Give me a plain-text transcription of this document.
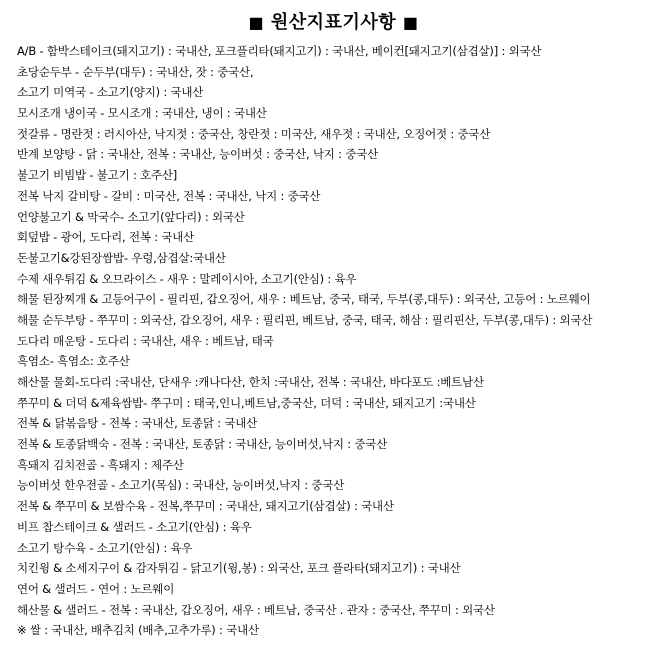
■ 원산지표기사항 ■
A/B - 함박스테이크(돼지고기) : 국내산, 포크플리타(돼지고기) : 국내산, 베이컨[돼지고기(삼겹살)] : 외국산
초당순두부 - 순두부(대두) : 국내산, 잣 : 중국산,
소고기 미역국 - 소고기(양지) : 국내산
모시조개 냉이국 - 모시조개 : 국내산, 냉이 : 국내산
젓갈류 - 명란젓 : 러시아산, 낙지젓 : 중국산, 창란젓 : 미국산, 새우젓 : 국내산, 오징어젓 : 중국산
반계 보양탕 - 닭 : 국내산, 전복 : 국내산, 능이버섯 : 중국산, 낙지 : 중국산
불고기 비빔밥 - 불고기 : 호주산]
전복 낙지 갈비탕 - 갈비 : 미국산, 전복 : 국내산, 낙지 : 중국산
언양불고기 & 막국수- 소고기(앞다리) : 외국산
회덮밥 - 광어, 도다리, 전복 : 국내산
돈불고기&강된장쌈밥- 우렁,삼겹살:국내산
수제 새우튀김 & 오므라이스 - 새우 : 말레이시아, 소고기(안심) : 육우
해물 된장찌개 & 고등어구이 - 필리핀, 갑오징어, 새우 : 베트남, 중국, 태국, 두부(콩,대두) : 외국산, 고등어 : 노르웨이
해물 순두부탕 - 쭈꾸미 : 외국산, 갑오징어, 새우 : 필리핀, 베트남, 중국, 태국, 해삼 : 필리핀산, 두부(콩,대두) : 외국산
도다리 매운탕 - 도다리 : 국내산, 새우 : 베트남, 태국
흑염소- 흑염소: 호주산
해산물 물회-도다리 :국내산, 단새우 :캐나다산, 한치 :국내산, 전복 : 국내산, 바다포도 :베트남산
쭈꾸미 & 더덕 &제육쌈밥- 쭈구미 : 태국,인니,베트남,중국산, 더덕 : 국내산, 돼지고기 :국내산
전복 & 닭볶음탕 - 전복 : 국내산, 토종닭 : 국내산
전복 & 토종닭백숙 - 전복 : 국내산, 토종닭 : 국내산, 능이버섯,낙지 : 중국산
흑돼지 김치전골 - 흑돼지 : 제주산
능이버섯 한우전골 - 소고기(목심) : 국내산, 능이버섯,낙지 : 중국산
전복 & 쭈꾸미 & 보쌈수육 - 전복,쭈꾸미 : 국내산, 돼지고기(삼겹살) : 국내산
비프 찹스테이크 & 샐러드 - 소고기(안심) : 육우
소고기 탕수육 - 소고기(안심) : 육우
치킨윙 & 소세지구이 & 감자튀김 - 닭고기(윙,봉) : 외국산, 포크 플라타(돼지고기) : 국내산
연어 & 샐러드 - 연어 : 노르웨이
해산물 & 샐러드 - 전복 : 국내산, 갑오징어, 새우 : 베트남, 중국산 . 관자 : 중국산, 쭈꾸미 : 외국산
※ 쌀 : 국내산, 배추김치 (배추,고추가루) : 국내산
